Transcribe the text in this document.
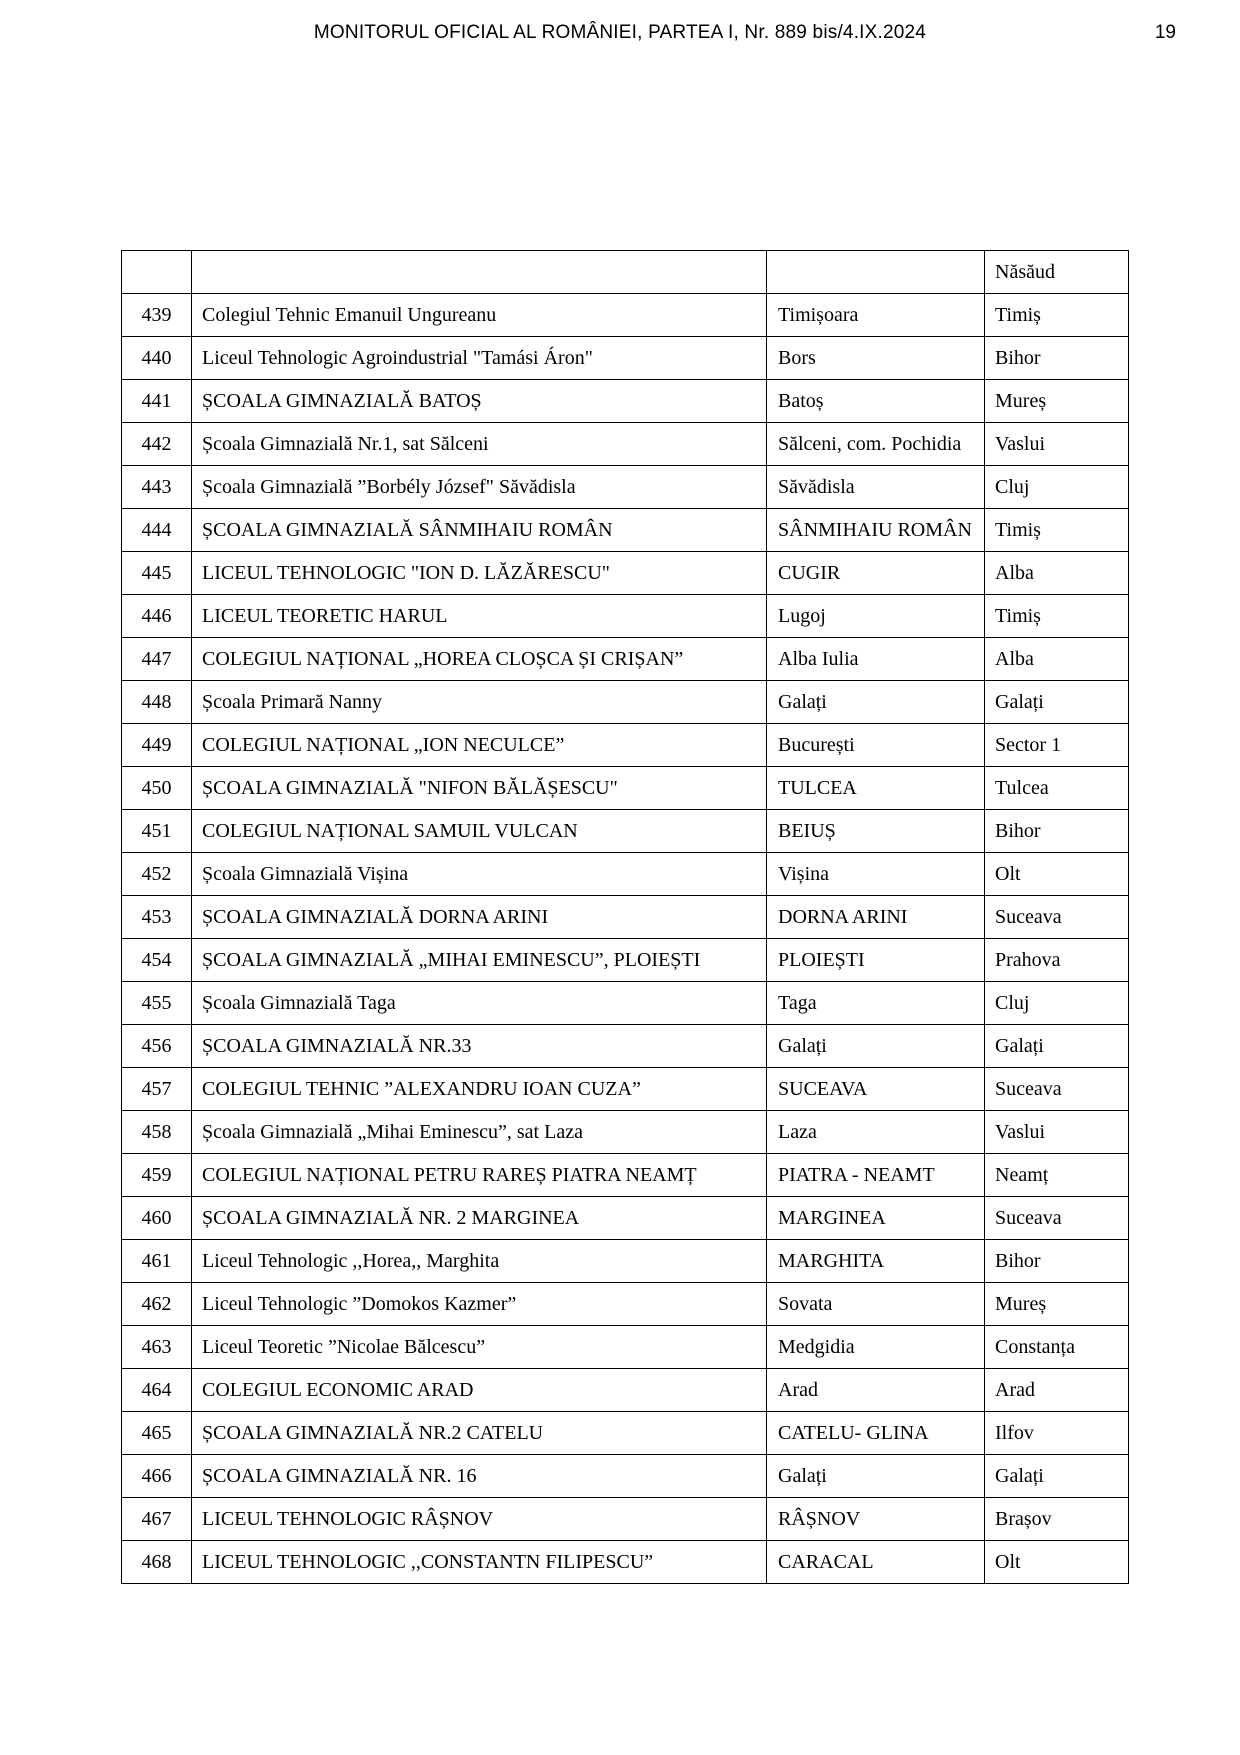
MONITORUL OFICIAL AL ROMÂNIEI, PARTEA I, Nr. 889 bis/4.IX.2024	19
			Năsăud
439	Colegiul Tehnic Emanuil Ungureanu	Timișoara	Timiș
440	Liceul Tehnologic Agroindustrial "Tamási Áron"	Bors	Bihor
441	ȘCOALA GIMNAZIALĂ BATOȘ	Batoș	Mureș
442	Școala Gimnazială Nr.1, sat Sălceni	Sălceni, com. Pochidia	Vaslui
443	Școala Gimnazială ”Borbély József" Săvădisla	Săvădisla	Cluj
444	ȘCOALA GIMNAZIALĂ SÂNMIHAIU ROMÂN	SÂNMIHAIU ROMÂN	Timiș
445	LICEUL TEHNOLOGIC "ION D. LĂZĂRESCU"	CUGIR	Alba
446	LICEUL TEORETIC HARUL	Lugoj	Timiș
447	COLEGIUL NAȚIONAL „HOREA CLOȘCA ȘI CRIȘAN”	Alba Iulia	Alba
448	Școala Primară Nanny	Galați	Galați
449	COLEGIUL NAȚIONAL „ION NECULCE”	București	Sector 1
450	ȘCOALA GIMNAZIALĂ "NIFON BĂLĂȘESCU"	TULCEA	Tulcea
451	COLEGIUL NAȚIONAL SAMUIL VULCAN	BEIUȘ	Bihor
452	Școala Gimnazială Vișina	Vișina	Olt
453	ȘCOALA GIMNAZIALĂ DORNA ARINI	DORNA ARINI	Suceava
454	ȘCOALA GIMNAZIALĂ „MIHAI EMINESCU”, PLOIEȘTI	PLOIEȘTI	Prahova
455	Școala Gimnazială Taga	Taga	Cluj
456	ȘCOALA GIMNAZIALĂ NR.33	Galați	Galați
457	COLEGIUL TEHNIC ”ALEXANDRU IOAN CUZA”	SUCEAVA	Suceava
458	Școala Gimnazială „Mihai Eminescu”, sat Laza	Laza	Vaslui
459	COLEGIUL NAȚIONAL PETRU RAREȘ PIATRA NEAMȚ	PIATRA - NEAMT	Neamț
460	ȘCOALA GIMNAZIALĂ NR. 2 MARGINEA	MARGINEA	Suceava
461	Liceul Tehnologic ,,Horea,, Marghita	MARGHITA	Bihor
462	Liceul Tehnologic ”Domokos Kazmer”	Sovata	Mureș
463	Liceul Teoretic ”Nicolae Bălcescu”	Medgidia	Constanța
464	COLEGIUL ECONOMIC ARAD	Arad	Arad
465	ȘCOALA GIMNAZIALĂ NR.2 CATELU	CATELU- GLINA	Ilfov
466	ȘCOALA GIMNAZIALĂ NR. 16	Galați	Galați
467	LICEUL TEHNOLOGIC RÂȘNOV	RÂȘNOV	Brașov
468	LICEUL TEHNOLOGIC ,,CONSTANTN FILIPESCU”	CARACAL	Olt
